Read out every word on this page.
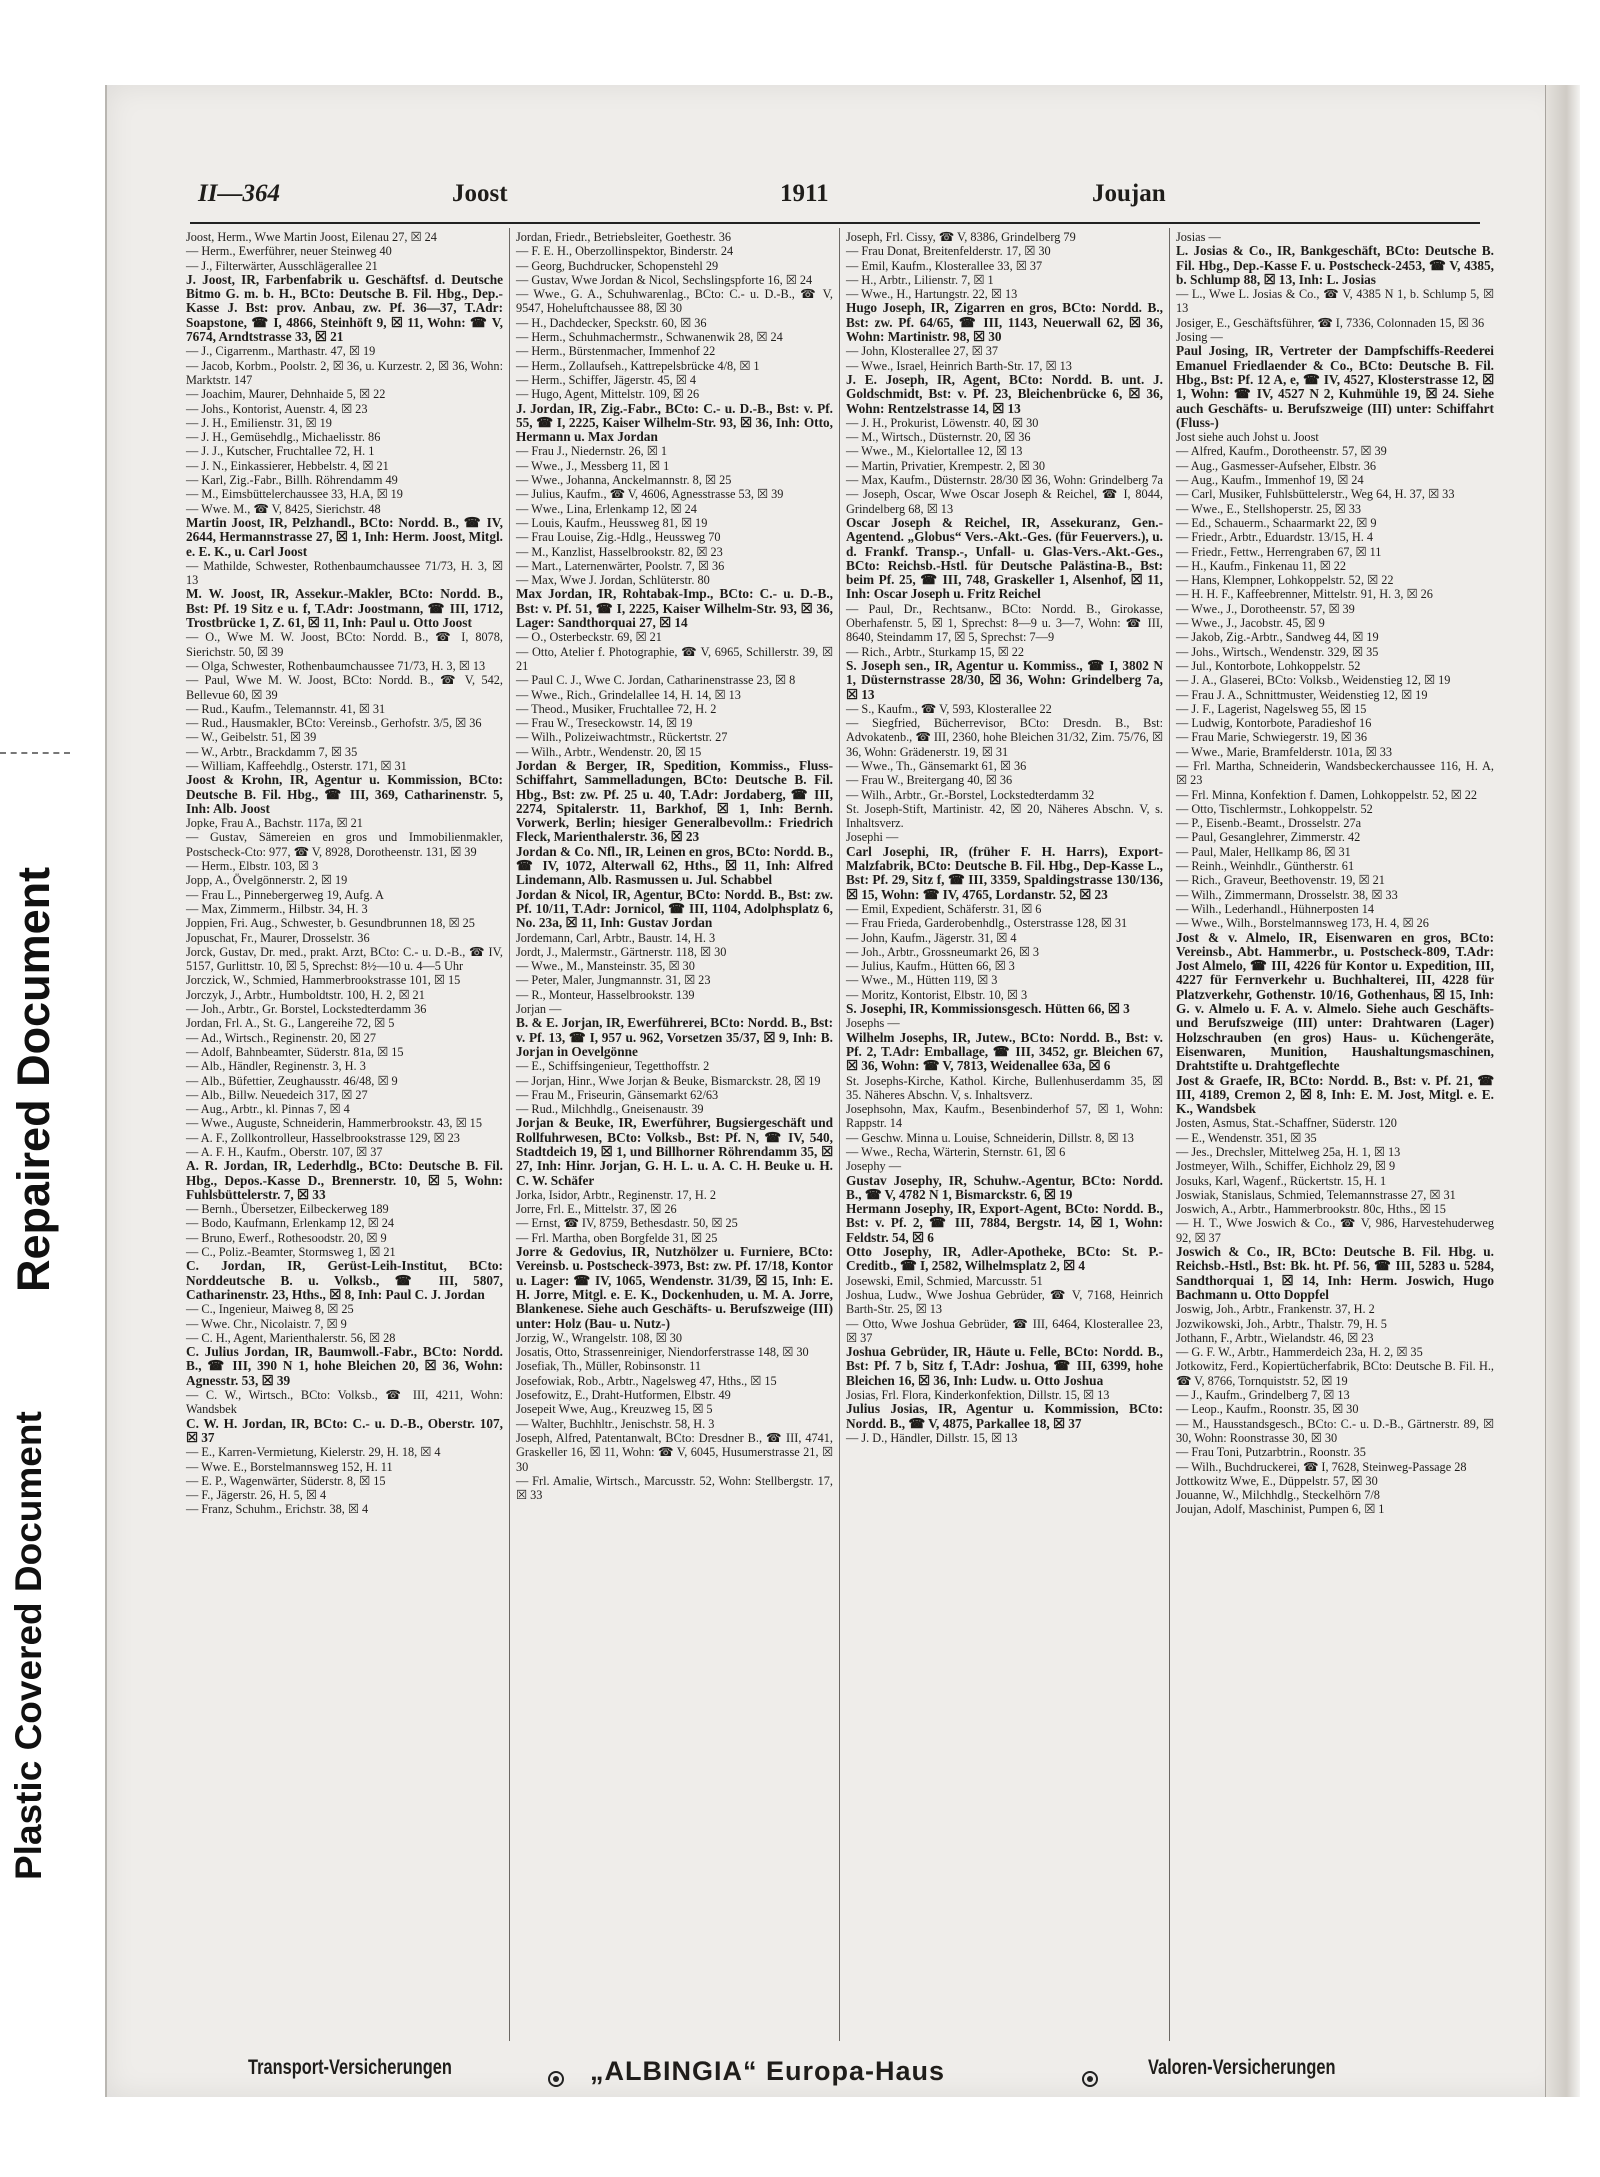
Repaired Document
Plastic Covered Document
II—364	Joost	1911	Joujan

Joost, Herm., Wwe Martin Joost, Eilenau 27, ☒ 24

— Herm., Ewerführer, neuer Steinweg 40

— J., Filterwärter, Ausschlägerallee 21

J. Joost, IR, Farbenfabrik u. Geschäftsf. d. Deutsche Bitmo G. m. b. H., BCto: Deutsche B. Fil. Hbg., Dep.-Kasse J. Bst: prov. Anbau, zw. Pf. 36—37, T.Adr: Soapstone, ☎ I, 4866, Steinhöft 9, ☒ 11, Wohn: ☎ V, 7674, Arndtstrasse 33, ☒ 21

— J., Cigarrenm., Marthastr. 47, ☒ 19

— Jacob, Korbm., Poolstr. 2, ☒ 36, u. Kurzestr. 2, ☒ 36, Wohn: Marktstr. 147

— Joachim, Maurer, Dehnhaide 5, ☒ 22

— Johs., Kontorist, Auenstr. 4, ☒ 23

— J. H., Emilienstr. 31, ☒ 19

— J. H., Gemüsehdlg., Michaelisstr. 86

— J. J., Kutscher, Fruchtallee 72, H. 1

— J. N., Einkassierer, Hebbelstr. 4, ☒ 21

— Karl, Zig.-Fabr., Billh. Röhrendamm 49

— M., Eimsbüttelerchaussee 33, H.A, ☒ 19

— Wwe. M., ☎ V, 8425, Sierichstr. 48

Martin Joost, IR, Pelzhandl., BCto: Nordd. B., ☎ IV, 2644, Hermannstrasse 27, ☒ 1, Inh: Herm. Joost, Mitgl. e. E. K., u. Carl Joost

— Mathilde, Schwester, Rothenbaumchaussee 71/73, H. 3, ☒ 13

M. W. Joost, IR, Assekur.-Makler, BCto: Nordd. B., Bst: Pf. 19 Sitz e u. f, T.Adr: Joostmann, ☎ III, 1712, Trostbrücke 1, Z. 61, ☒ 11, Inh: Paul u. Otto Joost

— O., Wwe M. W. Joost, BCto: Nordd. B., ☎ I, 8078, Sierichstr. 50, ☒ 39

— Olga, Schwester, Rothenbaumchaussee 71/73, H. 3, ☒ 13

— Paul, Wwe M. W. Joost, BCto: Nordd. B., ☎ V, 542, Bellevue 60, ☒ 39

— Rud., Kaufm., Telemannstr. 41, ☒ 31

— Rud., Hausmakler, BCto: Vereinsb., Gerhofstr. 3/5, ☒ 36

— W., Geibelstr. 51, ☒ 39

— W., Arbtr., Brackdamm 7, ☒ 35

— William, Kaffeehdlg., Osterstr. 171, ☒ 31

Joost & Krohn, IR, Agentur u. Kommission, BCto: Deutsche B. Fil. Hbg., ☎ III, 369, Catharinenstr. 5, Inh: Alb. Joost

Jopke, Frau A., Bachstr. 117a, ☒ 21

— Gustav, Sämereien en gros und Immobilienmakler, Postscheck-Cto: 977, ☎ V, 8928, Dorotheenstr. 131, ☒ 39

— Herm., Elbstr. 103, ☒ 3

Jopp, A., Övelgönnerstr. 2, ☒ 19

— Frau L., Pinnebergerweg 19, Aufg. A

— Max, Zimmerm., Hilbstr. 34, H. 3

Joppien, Fri. Aug., Schwester, b. Gesundbrunnen 18, ☒ 25

Jopuschat, Fr., Maurer, Drosselstr. 36

Jorck, Gustav, Dr. med., prakt. Arzt, BCto: C.- u. D.-B., ☎ IV, 5157, Gurlittstr. 10, ☒ 5, Sprechst: 8½—10 u. 4—5 Uhr

Jorczick, W., Schmied, Hammerbrookstrasse 101, ☒ 15

Jorczyk, J., Arbtr., Humboldtstr. 100, H. 2, ☒ 21

— Joh., Arbtr., Gr. Borstel, Lockstedterdamm 36

Jordan, Frl. A., St. G., Langereihe 72, ☒ 5

— Ad., Wirtsch., Reginenstr. 20, ☒ 27

— Adolf, Bahnbeamter, Süderstr. 81a, ☒ 15

— Alb., Händler, Reginenstr. 3, H. 3

— Alb., Büfettier, Zeughausstr. 46/48, ☒ 9

— Alb., Billw. Neuedeich 317, ☒ 27

— Aug., Arbtr., kl. Pinnas 7, ☒ 4

— Wwe., Auguste, Schneiderin, Hammerbrookstr. 43, ☒ 15

— A. F., Zollkontrolleur, Hasselbrookstrasse 129, ☒ 23

— A. F. H., Kaufm., Oberstr. 107, ☒ 37

A. R. Jordan, IR, Lederhdlg., BCto: Deutsche B. Fil. Hbg., Depos.-Kasse D., Brennerstr. 10, ☒ 5, Wohn: Fuhlsbüttelerstr. 7, ☒ 33

— Bernh., Übersetzer, Eilbeckerweg 189

— Bodo, Kaufmann, Erlenkamp 12, ☒ 24

— Bruno, Ewerf., Rothesoodstr. 20, ☒ 9

— C., Poliz.-Beamter, Stormsweg 1, ☒ 21

C. Jordan, IR, Gerüst-Leih-Institut, BCto: Norddeutsche B. u. Volksb., ☎ III, 5807, Catharinenstr. 23, Hths., ☒ 8, Inh: Paul C. J. Jordan

— C., Ingenieur, Maiweg 8, ☒ 25

— Wwe. Chr., Nicolaistr. 7, ☒ 9

— C. H., Agent, Marienthalerstr. 56, ☒ 28

C. Julius Jordan, IR, Baumwoll.-Fabr., BCto: Nordd. B., ☎ III, 390 N 1, hohe Bleichen 20, ☒ 36, Wohn: Agnesstr. 53, ☒ 39

— C. W., Wirtsch., BCto: Volksb., ☎ III, 4211, Wohn: Wandsbek

C. W. H. Jordan, IR, BCto: C.- u. D.-B., Oberstr. 107, ☒ 37

— E., Karren-Vermietung, Kielerstr. 29, H. 18, ☒ 4

— Wwe. E., Borstelmannsweg 152, H. 11

— E. P., Wagenwärter, Süderstr. 8, ☒ 15

— F., Jägerstr. 26, H. 5, ☒ 4

— Franz, Schuhm., Erichstr. 38, ☒ 4

Jordan, Friedr., Betriebsleiter, Goethestr. 36

— F. E. H., Oberzollinspektor, Binderstr. 24

— Georg, Buchdrucker, Schopenstehl 29

— Gustav, Wwe Jordan & Nicol, Sechslingspforte 16, ☒ 24

— Wwe., G. A., Schuhwarenlag., BCto: C.- u. D.-B., ☎ V, 9547, Hoheluftchaussee 88, ☒ 30

— H., Dachdecker, Speckstr. 60, ☒ 36

— Herm., Schuhmachermstr., Schwanenwik 28, ☒ 24

— Herm., Bürstenmacher, Immenhof 22

— Herm., Zollaufseh., Kattrepelsbrücke 4/8, ☒ 1

— Herm., Schiffer, Jägerstr. 45, ☒ 4

— Hugo, Agent, Mittelstr. 109, ☒ 26

J. Jordan, IR, Zig.-Fabr., BCto: C.- u. D.-B., Bst: v. Pf. 55, ☎ I, 2225, Kaiser Wilhelm-Str. 93, ☒ 36, Inh: Otto, Hermann u. Max Jordan

— Frau J., Niedernstr. 26, ☒ 1

— Wwe., J., Messberg 11, ☒ 1

— Wwe., Johanna, Anckelmannstr. 8, ☒ 25

— Julius, Kaufm., ☎ V, 4606, Agnesstrasse 53, ☒ 39

— Wwe., Lina, Erlenkamp 12, ☒ 24

— Louis, Kaufm., Heussweg 81, ☒ 19

— Frau Louise, Zig.-Hdlg., Heussweg 70

— M., Kanzlist, Hasselbrookstr. 82, ☒ 23

— Mart., Laternenwärter, Poolstr. 7, ☒ 36

— Max, Wwe J. Jordan, Schlüterstr. 80

Max Jordan, IR, Rohtabak-Imp., BCto: C.- u. D.-B., Bst: v. Pf. 51, ☎ I, 2225, Kaiser Wilhelm-Str. 93, ☒ 36, Lager: Sandthorquai 27, ☒ 14

— O., Osterbeckstr. 69, ☒ 21

— Otto, Atelier f. Photographie, ☎ V, 6965, Schillerstr. 39, ☒ 21

— Paul C. J., Wwe C. Jordan, Catharinenstrasse 23, ☒ 8

— Wwe., Rich., Grindelallee 14, H. 14, ☒ 13

— Theod., Musiker, Fruchtallee 72, H. 2

— Frau W., Treseckowstr. 14, ☒ 19

— Wilh., Polizeiwachtmstr., Rückertstr. 27

— Wilh., Arbtr., Wendenstr. 20, ☒ 15

Jordan & Berger, IR, Spedition, Kommiss., Fluss-Schiffahrt, Sammelladungen, BCto: Deutsche B. Fil. Hbg., Bst: zw. Pf. 25 u. 40, T.Adr: Jordaberg, ☎ III, 2274, Spitalerstr. 11, Barkhof, ☒ 1, Inh: Bernh. Vorwerk, Berlin; hiesiger Generalbevollm.: Friedrich Fleck, Marienthalerstr. 36, ☒ 23

Jordan & Co. Nfl., IR, Leinen en gros, BCto: Nordd. B., ☎ IV, 1072, Alterwall 62, Hths., ☒ 11, Inh: Alfred Lindemann, Alb. Rasmussen u. Jul. Schabbel

Jordan & Nicol, IR, Agentur, BCto: Nordd. B., Bst: zw. Pf. 10/11, T.Adr: Jornicol, ☎ III, 1104, Adolphsplatz 6, No. 23a, ☒ 11, Inh: Gustav Jordan

Jordemann, Carl, Arbtr., Baustr. 14, H. 3

Jordt, J., Malermstr., Gärtnerstr. 118, ☒ 30

— Wwe., M., Mansteinstr. 35, ☒ 30

— Peter, Maler, Jungmannstr. 31, ☒ 23

— R., Monteur, Hasselbrookstr. 139

Jorjan —

B. & E. Jorjan, IR, Ewerführerei, BCto: Nordd. B., Bst: v. Pf. 13, ☎ I, 957 u. 962, Vorsetzen 35/37, ☒ 9, Inh: B. Jorjan in Oevelgönne

— E., Schiffsingenieur, Tegetthoffstr. 2

— Jorjan, Hinr., Wwe Jorjan & Beuke, Bismarckstr. 28, ☒ 19

— Frau M., Friseurin, Gänsemarkt 62/63

— Rud., Milchhdlg., Gneisenaustr. 39

Jorjan & Beuke, IR, Ewerführer, Bugsiergeschäft und Rollfuhrwesen, BCto: Volksb., Bst: Pf. N, ☎ IV, 540, Stadtdeich 19, ☒ 1, und Billhorner Röhrendamm 35, ☒ 27, Inh: Hinr. Jorjan, G. H. L. u. A. C. H. Beuke u. H. C. W. Schäfer

Jorka, Isidor, Arbtr., Reginenstr. 17, H. 2

Jorre, Frl. E., Mittelstr. 37, ☒ 26

— Ernst, ☎ IV, 8759, Bethesdastr. 50, ☒ 25

— Frl. Martha, oben Borgfelde 31, ☒ 25

Jorre & Gedovius, IR, Nutzhölzer u. Furniere, BCto: Vereinsb. u. Postscheck-3973, Bst: zw. Pf. 17/18, Kontor u. Lager: ☎ IV, 1065, Wendenstr. 31/39, ☒ 15, Inh: E. H. Jorre, Mitgl. e. E. K., Dockenhuden, u. M. A. Jorre, Blankenese. Siehe auch Geschäfts- u. Berufszweige (III) unter: Holz (Bau- u. Nutz-)

Jorzig, W., Wrangelstr. 108, ☒ 30

Josatis, Otto, Strassenreiniger, Niendorferstrasse 148, ☒ 30

Josefiak, Th., Müller, Robinsonstr. 11

Josefowiak, Rob., Arbtr., Nagelsweg 47, Hths., ☒ 15

Josefowitz, E., Draht-Hutformen, Elbstr. 49

Josepeit Wwe, Aug., Kreuzweg 15, ☒ 5

— Walter, Buchhltr., Jenischstr. 58, H. 3

Joseph, Alfred, Patentanwalt, BCto: Dresdner B., ☎ III, 4741, Graskeller 16, ☒ 11, Wohn: ☎ V, 6045, Husumerstrasse 21, ☒ 30

— Frl. Amalie, Wirtsch., Marcusstr. 52, Wohn: Stellbergstr. 17, ☒ 33

Joseph, Frl. Cissy, ☎ V, 8386, Grindelberg 79

— Frau Donat, Breitenfelderstr. 17, ☒ 30

— Emil, Kaufm., Klosterallee 33, ☒ 37

— H., Arbtr., Lilienstr. 7, ☒ 1

— Wwe., H., Hartungstr. 22, ☒ 13

Hugo Joseph, IR, Zigarren en gros, BCto: Nordd. B., Bst: zw. Pf. 64/65, ☎ III, 1143, Neuerwall 62, ☒ 36, Wohn: Martinistr. 98, ☒ 30

— John, Klosterallee 27, ☒ 37

— Wwe., Israel, Heinrich Barth-Str. 17, ☒ 13

J. E. Joseph, IR, Agent, BCto: Nordd. B. unt. J. Goldschmidt, Bst: v. Pf. 23, Bleichenbrücke 6, ☒ 36, Wohn: Rentzelstrasse 14, ☒ 13

— J. H., Prokurist, Löwenstr. 40, ☒ 30

— M., Wirtsch., Düsternstr. 20, ☒ 36

— Wwe., M., Kielortallee 12, ☒ 13

— Martin, Privatier, Krempestr. 2, ☒ 30

— Max, Kaufm., Düsternstr. 28/30 ☒ 36, Wohn: Grindelberg 7a

— Joseph, Oscar, Wwe Oscar Joseph & Reichel, ☎ I, 8044, Grindelberg 68, ☒ 13

Oscar Joseph & Reichel, IR, Assekuranz, Gen.-Agentend. „Globus“ Vers.-Akt.-Ges. (für Feuervers.), u. d. Frankf. Transp.-, Unfall- u. Glas-Vers.-Akt.-Ges., BCto: Reichsb.-Hstl. für Deutsche Palästina-B., Bst: beim Pf. 25, ☎ III, 748, Graskeller 1, Alsenhof, ☒ 11, Inh: Oscar Joseph u. Fritz Reichel

— Paul, Dr., Rechtsanw., BCto: Nordd. B., Girokasse, Oberhafenstr. 5, ☒ 1, Sprechst: 8—9 u. 3—7, Wohn: ☎ III, 8640, Steindamm 17, ☒ 5, Sprechst: 7—9

— Rich., Arbtr., Sturkamp 15, ☒ 22

S. Joseph sen., IR, Agentur u. Kommiss., ☎ I, 3802 N 1, Düsternstrasse 28/30, ☒ 36, Wohn: Grindelberg 7a, ☒ 13

— S., Kaufm., ☎ V, 593, Klosterallee 22

— Siegfried, Bücherrevisor, BCto: Dresdn. B., Bst: Advokatenb., ☎ III, 2360, hohe Bleichen 31/32, Zim. 75/76, ☒ 36, Wohn: Grädenerstr. 19, ☒ 31

— Wwe., Th., Gänsemarkt 61, ☒ 36

— Frau W., Breitergang 40, ☒ 36

— Wilh., Arbtr., Gr.-Borstel, Lockstedterdamm 32

St. Joseph-Stift, Martinistr. 42, ☒ 20, Näheres Abschn. V, s. Inhaltsverz.

Josephi —

Carl Josephi, IR, (früher F. H. Harrs), Export-Malzfabrik, BCto: Deutsche B. Fil. Hbg., Dep-Kasse L., Bst: Pf. 29, Sitz f, ☎ III, 3359, Spaldingstrasse 130/136, ☒ 15, Wohn: ☎ IV, 4765, Lordanstr. 52, ☒ 23

— Emil, Expedient, Schäferstr. 31, ☒ 6

— Frau Frieda, Garderobenhdlg., Osterstrasse 128, ☒ 31

— John, Kaufm., Jägerstr. 31, ☒ 4

— Joh., Arbtr., Grossneumarkt 26, ☒ 3

— Julius, Kaufm., Hütten 66, ☒ 3

— Wwe., M., Hütten 119, ☒ 3

— Moritz, Kontorist, Elbstr. 10, ☒ 3

S. Josephi, IR, Kommissionsgesch. Hütten 66, ☒ 3

Josephs —

Wilhelm Josephs, IR, Jutew., BCto: Nordd. B., Bst: v. Pf. 2, T.Adr: Emballage, ☎ III, 3452, gr. Bleichen 67, ☒ 36, Wohn: ☎ V, 7813, Weidenallee 63a, ☒ 6

St. Josephs-Kirche, Kathol. Kirche, Bullenhuserdamm 35, ☒ 35. Näheres Abschn. V, s. Inhaltsverz.

Josephsohn, Max, Kaufm., Besenbinderhof 57, ☒ 1, Wohn: Rappstr. 14

— Geschw. Minna u. Louise, Schneiderin, Dillstr. 8, ☒ 13

— Wwe., Recha, Wärterin, Sternstr. 61, ☒ 6

Josephy —

Gustav Josephy, IR, Schuhw.-Agentur, BCto: Nordd. B., ☎ V, 4782 N 1, Bismarckstr. 6, ☒ 19

Hermann Josephy, IR, Export-Agent, BCto: Nordd. B., Bst: v. Pf. 2, ☎ III, 7884, Bergstr. 14, ☒ 1, Wohn: Feldstr. 54, ☒ 6

Otto Josephy, IR, Adler-Apotheke, BCto: St. P.-Creditb., ☎ I, 2582, Wilhelmsplatz 2, ☒ 4

Josewski, Emil, Schmied, Marcusstr. 51

Joshua, Ludw., Wwe Joshua Gebrüder, ☎ V, 7168, Heinrich Barth-Str. 25, ☒ 13

— Otto, Wwe Joshua Gebrüder, ☎ III, 6464, Klosterallee 23, ☒ 37

Joshua Gebrüder, IR, Häute u. Felle, BCto: Nordd. B., Bst: Pf. 7 b, Sitz f, T.Adr: Joshua, ☎ III, 6399, hohe Bleichen 16, ☒ 36, Inh: Ludw. u. Otto Joshua

Josias, Frl. Flora, Kinderkonfektion, Dillstr. 15, ☒ 13

Julius Josias, IR, Agentur u. Kommission, BCto: Nordd. B., ☎ V, 4875, Parkallee 18, ☒ 37

— J. D., Händler, Dillstr. 15, ☒ 13

Josias —

L. Josias & Co., IR, Bankgeschäft, BCto: Deutsche B. Fil. Hbg., Dep.-Kasse F. u. Postscheck-2453, ☎ V, 4385, b. Schlump 88, ☒ 13, Inh: L. Josias

— L., Wwe L. Josias & Co., ☎ V, 4385 N 1, b. Schlump 5, ☒ 13

Josiger, E., Geschäftsführer, ☎ I, 7336, Colonnaden 15, ☒ 36

Josing —

Paul Josing, IR, Vertreter der Dampfschiffs-Reederei Emanuel Friedlaender & Co., BCto: Deutsche B. Fil. Hbg., Bst: Pf. 12 A, e, ☎ IV, 4527, Klosterstrasse 12, ☒ 1, Wohn: ☎ IV, 4527 N 2, Kuhmühle 19, ☒ 24. Siehe auch Geschäfts- u. Berufszweige (III) unter: Schiffahrt (Fluss-)

Jost siehe auch Johst u. Joost

— Alfred, Kaufm., Dorotheenstr. 57, ☒ 39

— Aug., Gasmesser-Aufseher, Elbstr. 36

— Aug., Kaufm., Immenhof 19, ☒ 24

— Carl, Musiker, Fuhlsbüttelerstr., Weg 64, H. 37, ☒ 33

— Wwe., E., Stellshoperstr. 25, ☒ 33

— Ed., Schauerm., Schaarmarkt 22, ☒ 9

— Friedr., Arbtr., Eduardstr. 13/15, H. 4

— Friedr., Fettw., Herrengraben 67, ☒ 11

— H., Kaufm., Finkenau 11, ☒ 22

— Hans, Klempner, Lohkoppelstr. 52, ☒ 22

— H. H. F., Kaffeebrenner, Mittelstr. 91, H. 3, ☒ 26

— Wwe., J., Dorotheenstr. 57, ☒ 39

— Wwe., J., Jacobstr. 45, ☒ 9

— Jakob, Zig.-Arbtr., Sandweg 44, ☒ 19

— Johs., Wirtsch., Wendenstr. 329, ☒ 35

— Jul., Kontorbote, Lohkoppelstr. 52

— J. A., Glaserei, BCto: Volksb., Weidenstieg 12, ☒ 19

— Frau J. A., Schnittmuster, Weidenstieg 12, ☒ 19

— J. F., Lagerist, Nagelsweg 55, ☒ 15

— Ludwig, Kontorbote, Paradieshof 16

— Frau Marie, Schwiegerstr. 19, ☒ 36

— Wwe., Marie, Bramfelderstr. 101a, ☒ 33

— Frl. Martha, Schneiderin, Wandsbeckerchaussee 116, H. A, ☒ 23

— Frl. Minna, Konfektion f. Damen, Lohkoppelstr. 52, ☒ 22

— Otto, Tischlermstr., Lohkoppelstr. 52

— P., Eisenb.-Beamt., Drosselstr. 27a

— Paul, Gesanglehrer, Zimmerstr. 42

— Paul, Maler, Hellkamp 86, ☒ 31

— Reinh., Weinhdlr., Güntherstr. 61

— Rich., Graveur, Beethovenstr. 19, ☒ 21

— Wilh., Zimmermann, Drosselstr. 38, ☒ 33

— Wilh., Lederhandl., Hühnerposten 14

— Wwe., Wilh., Borstelmannsweg 173, H. 4, ☒ 26

Jost & v. Almelo, IR, Eisenwaren en gros, BCto: Vereinsb., Abt. Hammerbr., u. Postscheck-809, T.Adr: Jost Almelo, ☎ III, 4226 für Kontor u. Expedition, III, 4227 für Fernverkehr u. Buchhalterei, III, 4228 für Platzverkehr, Gothenstr. 10/16, Gothenhaus, ☒ 15, Inh: G. v. Almelo u. F. A. v. Almelo. Siehe auch Geschäfts- und Berufszweige (III) unter: Drahtwaren (Lager) Holzschrauben (en gros) Haus- u. Küchengeräte, Eisenwaren, Munition, Haushaltungsmaschinen, Drahtstifte u. Drahtgeflechte

Jost & Graefe, IR, BCto: Nordd. B., Bst: v. Pf. 21, ☎ III, 4189, Cremon 2, ☒ 8, Inh: E. M. Jost, Mitgl. e. E. K., Wandsbek

Josten, Asmus, Stat.-Schaffner, Süderstr. 120

— E., Wendenstr. 351, ☒ 35

— Jes., Drechsler, Mittelweg 25a, H. 1, ☒ 13

Jostmeyer, Wilh., Schiffer, Eichholz 29, ☒ 9

Josuks, Karl, Wagenf., Rückertstr. 15, H. 1

Joswiak, Stanislaus, Schmied, Telemannstrasse 27, ☒ 31

Joswich, A., Arbtr., Hammerbrookstr. 80c, Hths., ☒ 15

— H. T., Wwe Joswich & Co., ☎ V, 986, Harvestehuderweg 92, ☒ 37

Joswich & Co., IR, BCto: Deutsche B. Fil. Hbg. u. Reichsb.-Hstl., Bst: Bk. ht. Pf. 56, ☎ III, 5283 u. 5284, Sandthorquai 1, ☒ 14, Inh: Herm. Joswich, Hugo Bachmann u. Otto Doppfel

Joswig, Joh., Arbtr., Frankenstr. 37, H. 2

Jozwikowski, Joh., Arbtr., Thalstr. 79, H. 5

Jothann, F., Arbtr., Wielandstr. 46, ☒ 23

— G. F. W., Arbtr., Hammerdeich 23a, H. 2, ☒ 35

Jotkowitz, Ferd., Kopiertücherfabrik, BCto: Deutsche B. Fil. H., ☎ V, 8766, Tornquiststr. 52, ☒ 19

— J., Kaufm., Grindelberg 7, ☒ 13

— Leop., Kaufm., Roonstr. 35, ☒ 30

— M., Hausstandsgesch., BCto: C.- u. D.-B., Gärtnerstr. 89, ☒ 30, Wohn: Roonstrasse 30, ☒ 30

— Frau Toni, Putzarbtrin., Roonstr. 35

— Wilh., Buchdruckerei, ☎ I, 7628, Steinweg-Passage 28

Jottkowitz Wwe, E., Düppelstr. 57, ☒ 30

Jouanne, W., Milchhdlg., Steckelhörn 7/8

Joujan, Adolf, Maschinist, Pumpen 6, ☒ 1

Transport-Versicherungen	„ALBINGIA“ Europa-Haus	Valoren-Versicherungen
